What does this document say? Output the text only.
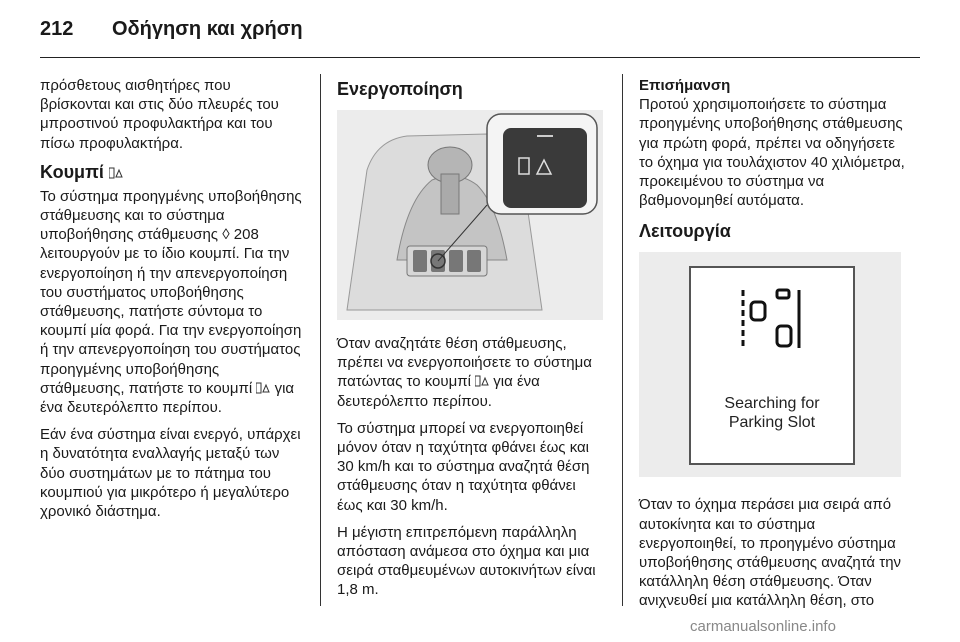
212 Οδήγηση και χρήση

πρόσθετους αισθητήρες που βρίσκονται και στις δύο πλευρές του μπροστινού προφυλακτήρα και του πίσω προφυλακτήρα.

Κουμπί

Το σύστημα προηγμένης υποβοήθησης στάθμευσης και το σύστημα υποβοήθησης στάθμευσης ◊ 208 λειτουργούν με το ίδιο κουμπί. Για την ενεργοποίηση ή την απενεργοποίηση του συστήματος υποβοήθησης στάθμευσης, πατήστε σύντομα το κουμπί μία φορά. Για την ενεργοποίηση ή την απενεργοποίηση του συστήματος προηγμένης υποβοήθησης στάθμευσης, πατήστε το κουμπί για ένα δευτερόλεπτο περίπου.

Εάν ένα σύστημα είναι ενεργό, υπάρχει η δυνατότητα εναλλαγής μεταξύ των δύο συστημάτων με το πάτημα του κουμπιού για μικρότερο ή μεγαλύτερο χρονικό διάστημα.

Ενεργοποίηση

Όταν αναζητάτε θέση στάθμευσης, πρέπει να ενεργοποιήσετε το σύστημα πατώντας το κουμπί για ένα δευτερόλεπτο περίπου.

Το σύστημα μπορεί να ενεργοποιηθεί μόνον όταν η ταχύτητα φθάνει έως και 30 km/h και το σύστημα αναζητά θέση στάθμευσης όταν η ταχύτητα φθάνει έως και 30 km/h.

Η μέγιστη επιτρεπόμενη παράλληλη απόσταση ανάμεσα στο όχημα και μια σειρά σταθμευμένων αυτοκινήτων είναι 1,8 m.

Επισήμανση

Προτού χρησιμοποιήσετε το σύστημα προηγμένης υποβοήθησης στάθμευσης για πρώτη φορά, πρέπει να οδηγήσετε το όχημα για τουλάχιστον 40 χιλιόμετρα, προκειμένου το σύστημα να βαθμονομηθεί αυτόματα.

Λειτουργία
Searching for
Parking Slot

Όταν το όχημα περάσει μια σειρά από αυτοκίνητα και το σύστημα ενεργοποιηθεί, το προηγμένο σύστημα υποβοήθησης στάθμευσης αναζητά την κατάλληλη θέση στάθμευσης. Όταν ανιχνευθεί μια κατάλληλη θέση, στο

carmanualsonline.info
